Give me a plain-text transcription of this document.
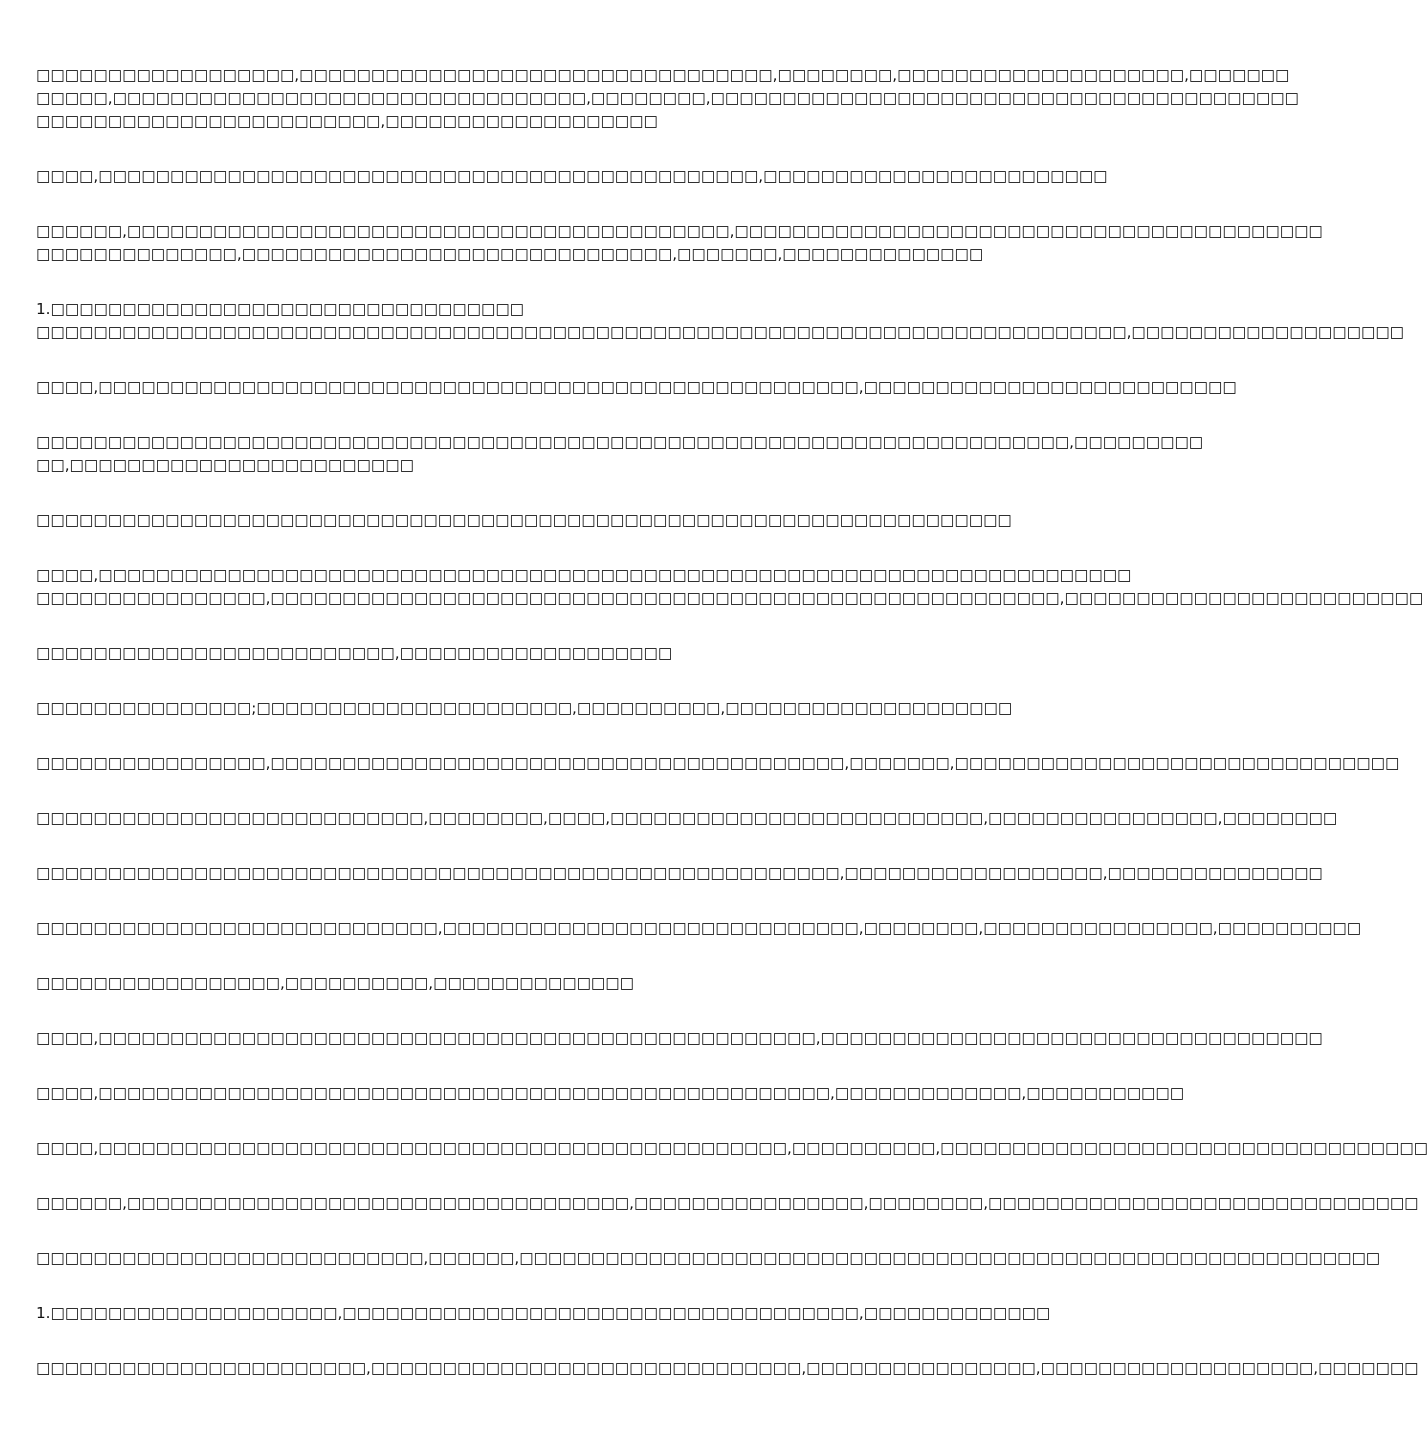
□□□□□□□□□□□□□□□□□□,□□□□□□□□□□□□□□□□□□□□□□□□□□□□□□□□□,□□□□□□□□,□□□□□□□□□□□□□□□□□□□□,□□□□□□□
□□□□□,□□□□□□□□□□□□□□□□□□□□□□□□□□□□□□□□□,□□□□□□□□,□□□□□□□□□□□□□□□□□□□□□□□□□□□□□□□□□□□□□□□□□
□□□□□□□□□□□□□□□□□□□□□□□□,□□□□□□□□□□□□□□□□□□□

□□□□,□□□□□□□□□□□□□□□□□□□□□□□□□□□□□□□□□□□□□□□□□□□□□□,□□□□□□□□□□□□□□□□□□□□□□□□

□□□□□□,□□□□□□□□□□□□□□□□□□□□□□□□□□□□□□□□□□□□□□□□□□,□□□□□□□□□□□□□□□□□□□□□□□□□□□□□□□□□□□□□□□□□
□□□□□□□□□□□□□□,□□□□□□□□□□□□□□□□□□□□□□□□□□□□□□,□□□□□□□,□□□□□□□□□□□□□□

1.□□□□□□□□□□□□□□□□□□□□□□□□□□□□□□□□□
□□□□□□□□□□□□□□□□□□□□□□□□□□□□□□□□□□□□□□□□□□□□□□□□□□□□□□□□□□□□□□□□□□□□□□□□□□□□,□□□□□□□□□□□□□□□□□□□

□□□□,□□□□□□□□□□□□□□□□□□□□□□□□□□□□□□□□□□□□□□□□□□□□□□□□□□□□□,□□□□□□□□□□□□□□□□□□□□□□□□□□

□□□□□□□□□□□□□□□□□□□□□□□□□□□□□□□□□□□□□□□□□□□□□□□□□□□□□□□□□□□□□□□□□□□□□□□□,□□□□□□□□□
□□,□□□□□□□□□□□□□□□□□□□□□□□□

□□□□□□□□□□□□□□□□□□□□□□□□□□□□□□□□□□□□□□□□□□□□□□□□□□□□□□□□□□□□□□□□□□□□

□□□□,□□□□□□□□□□□□□□□□□□□□□□□□□□□□□□□□□□□□□□□□□□□□□□□□□□□□□□□□□□□□□□□□□□□□□□□□
□□□□□□□□□□□□□□□□,□□□□□□□□□□□□□□□□□□□□□□□□□□□□□□□□□□□□□□□□□□□□□□□□□□□□□□□,□□□□□□□□□□□□□□□□□□□□□□□□□

□□□□□□□□□□□□□□□□□□□□□□□□□,□□□□□□□□□□□□□□□□□□□

□□□□□□□□□□□□□□□;□□□□□□□□□□□□□□□□□□□□□□,□□□□□□□□□□,□□□□□□□□□□□□□□□□□□□□

□□□□□□□□□□□□□□□□,□□□□□□□□□□□□□□□□□□□□□□□□□□□□□□□□□□□□□□□□,□□□□□□□,□□□□□□□□□□□□□□□□□□□□□□□□□□□□□□□

□□□□□□□□□□□□□□□□□□□□□□□□□□□,□□□□□□□□,□□□□,□□□□□□□□□□□□□□□□□□□□□□□□□□,□□□□□□□□□□□□□□□□,□□□□□□□□

□□□□□□□□□□□□□□□□□□□□□□□□□□□□□□□□□□□□□□□□□□□□□□□□□□□□□□□□,□□□□□□□□□□□□□□□□□□,□□□□□□□□□□□□□□□

□□□□□□□□□□□□□□□□□□□□□□□□□□□□,□□□□□□□□□□□□□□□□□□□□□□□□□□□□□,□□□□□□□□,□□□□□□□□□□□□□□□□,□□□□□□□□□□

□□□□□□□□□□□□□□□□□,□□□□□□□□□□,□□□□□□□□□□□□□□

□□□□,□□□□□□□□□□□□□□□□□□□□□□□□□□□□□□□□□□□□□□□□□□□□□□□□□□,□□□□□□□□□□□□□□□□□□□□□□□□□□□□□□□□□□□

□□□□,□□□□□□□□□□□□□□□□□□□□□□□□□□□□□□□□□□□□□□□□□□□□□□□□□□□,□□□□□□□□□□□□□,□□□□□□□□□□□

□□□□,□□□□□□□□□□□□□□□□□□□□□□□□□□□□□□□□□□□□□□□□□□□□□□□□,□□□□□□□□□□,□□□□□□□□□□□□□□□□□□□□□□□□□□□□□□□□□□

□□□□□□,□□□□□□□□□□□□□□□□□□□□□□□□□□□□□□□□□□□,□□□□□□□□□□□□□□□□,□□□□□□□□,□□□□□□□□□□□□□□□□□□□□□□□□□□□□□□

□□□□□□□□□□□□□□□□□□□□□□□□□□□,□□□□□□,□□□□□□□□□□□□□□□□□□□□□□□□□□□□□□□□□□□□□□□□□□□□□□□□□□□□□□□□□□□□

1.□□□□□□□□□□□□□□□□□□□□,□□□□□□□□□□□□□□□□□□□□□□□□□□□□□□□□□□□□,□□□□□□□□□□□□□

□□□□□□□□□□□□□□□□□□□□□□□,□□□□□□□□□□□□□□□□□□□□□□□□□□□□□□,□□□□□□□□□□□□□□□□,□□□□□□□□□□□□□□□□□□□,□□□□□□□
